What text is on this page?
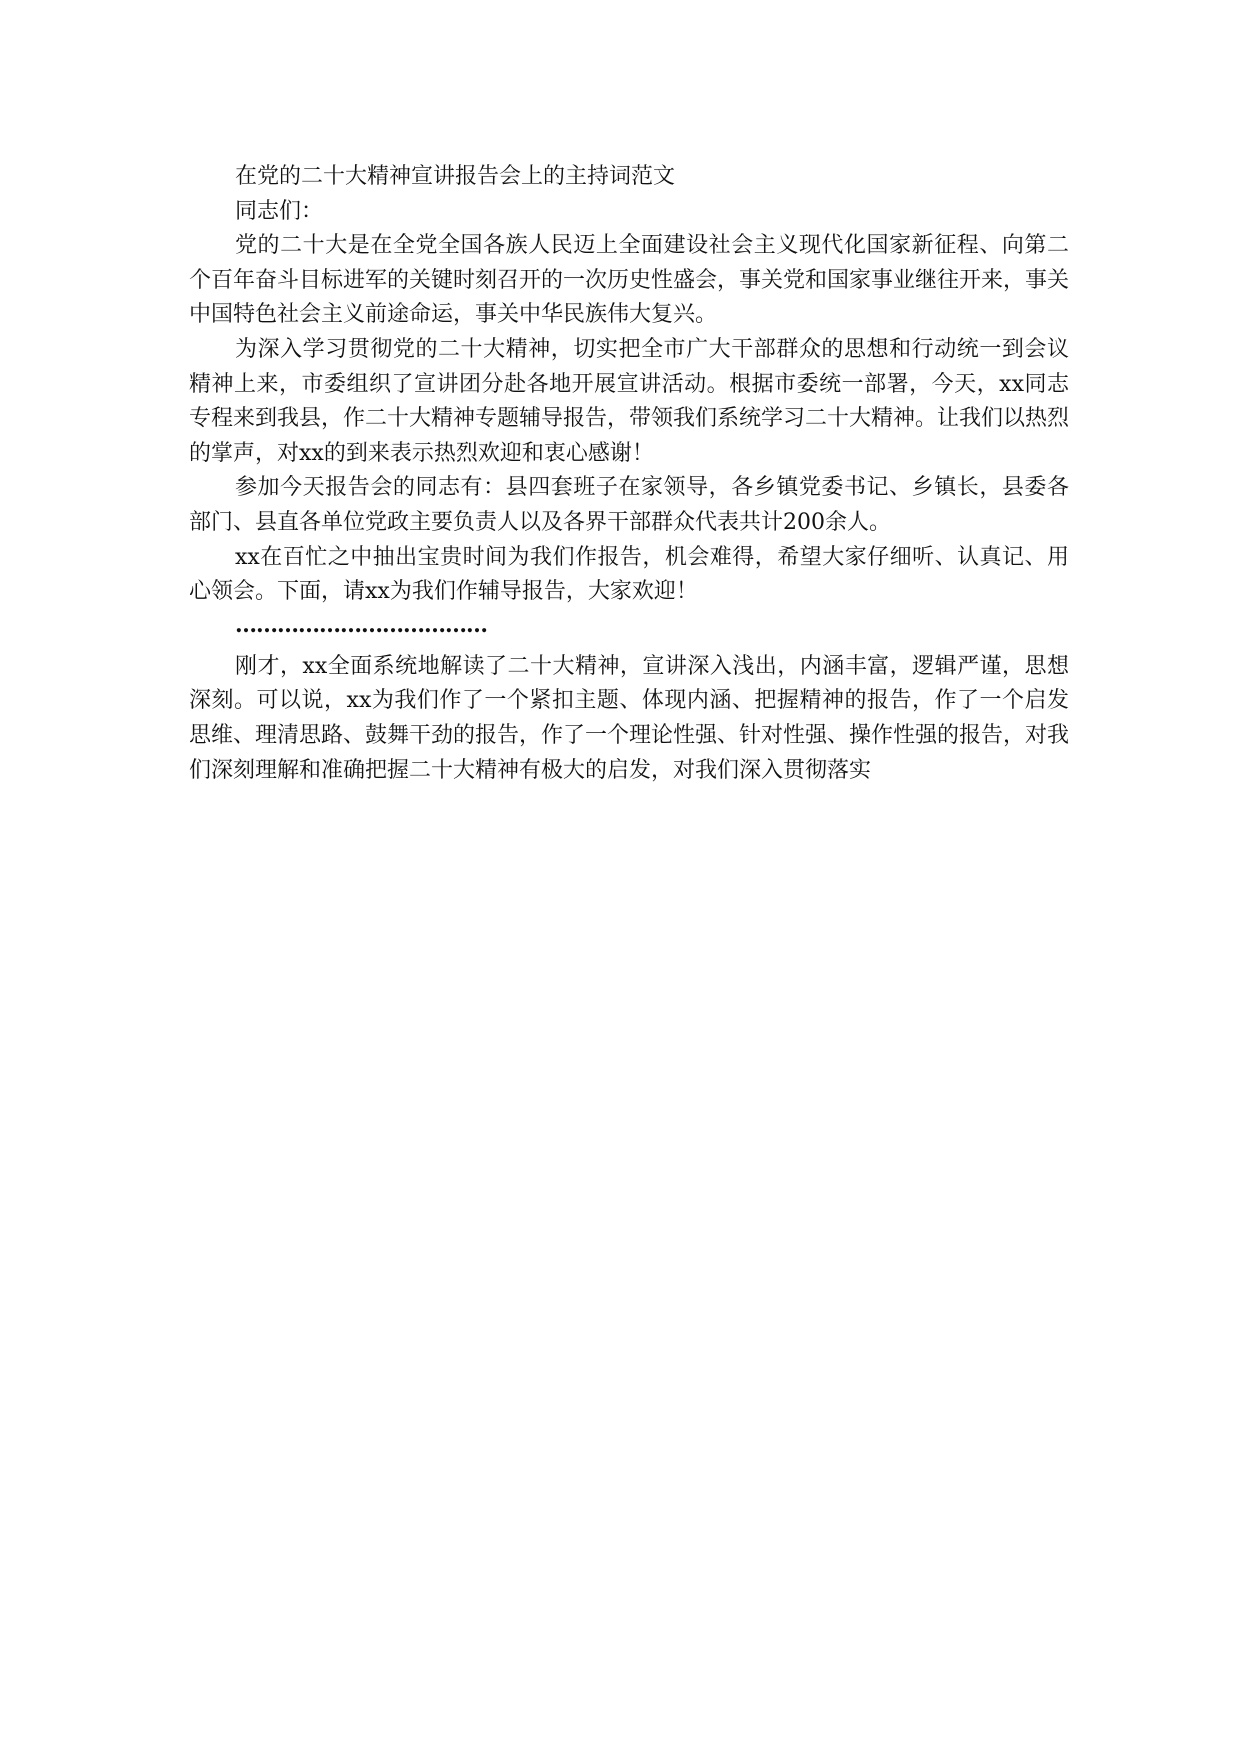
在党的二十大精神宣讲报告会上的主持词范文

同志们：

党的二十大是在全党全国各族人民迈上全面建设社会主义现代化国家新征程、向第二个百年奋斗目标进军的关键时刻召开的一次历史性盛会，事关党和国家事业继往开来，事关中国特色社会主义前途命运，事关中华民族伟大复兴。

为深入学习贯彻党的二十大精神，切实把全市广大干部群众的思想和行动统一到会议精神上来，市委组织了宣讲团分赴各地开展宣讲活动。根据市委统一部署，今天，xx同志专程来到我县，作二十大精神专题辅导报告，带领我们系统学习二十大精神。让我们以热烈的掌声，对xx的到来表示热烈欢迎和衷心感谢！

参加今天报告会的同志有：县四套班子在家领导，各乡镇党委书记、乡镇长，县委各部门、县直各单位党政主要负责人以及各界干部群众代表共计200余人。

xx在百忙之中抽出宝贵时间为我们作报告，机会难得，希望大家仔细听、认真记、用心领会。下面，请xx为我们作辅导报告，大家欢迎！

………………………………

刚才，xx全面系统地解读了二十大精神，宣讲深入浅出，内涵丰富，逻辑严谨，思想深刻。可以说，xx为我们作了一个紧扣主题、体现内涵、把握精神的报告，作了一个启发思维、理清思路、鼓舞干劲的报告，作了一个理论性强、针对性强、操作性强的报告，对我们深刻理解和准确把握二十大精神有极大的启发，对我们深入贯彻落实
